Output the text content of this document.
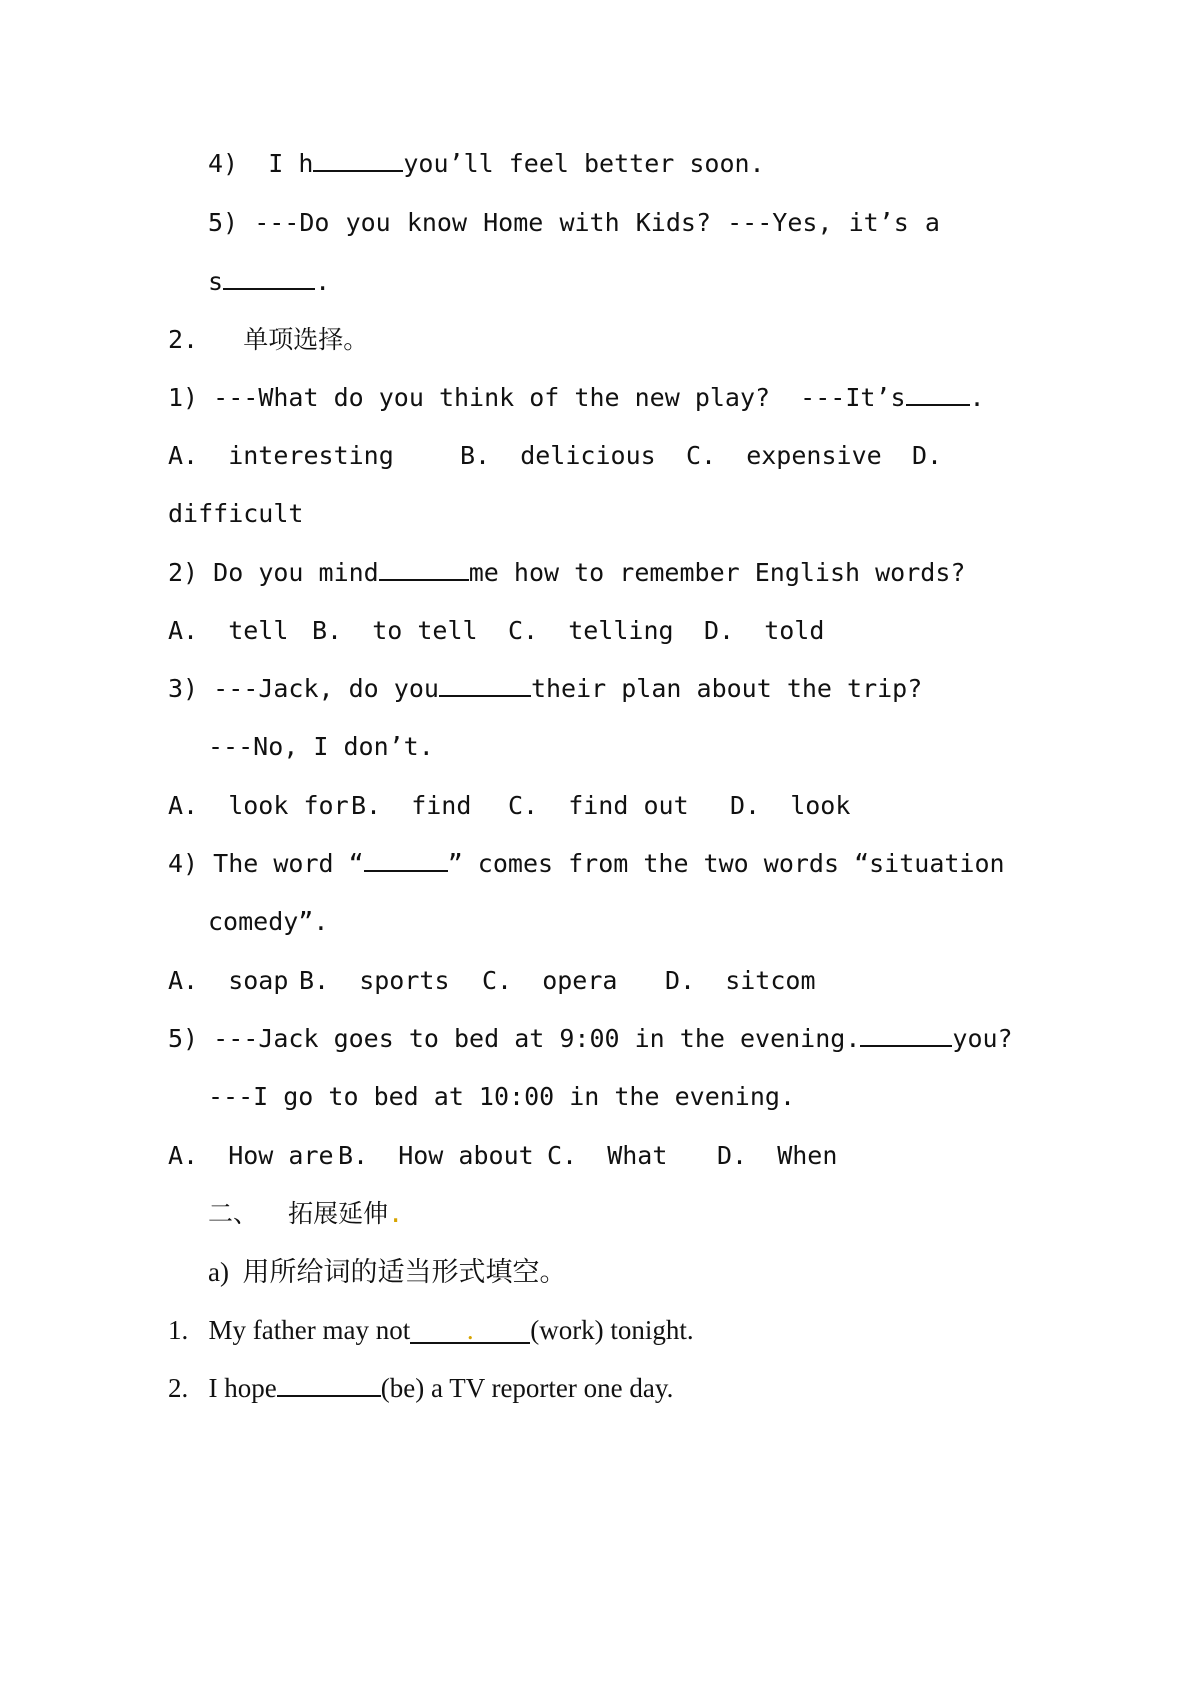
4) I h	you’ll feel better soon.
5) ---Do you know Home with Kids? ---Yes, it’s a
s	.
2. 单项选择。
1) ---What do you think of the new play?  ---It’s	.
A.  interesting	B.  delicious C.  expensive D.
difficult
2) Do you mind	me how to remember English words?
A.  tell B.  to tell C.  telling D.  told
3) ---Jack, do you	their plan about the trip?
---No, I don’t.
A.  look for B.  find C.  find out D.  look
4) The word “	” comes from the two words “situation
comedy”.
A.  soap B.  sports C.  opera D.  sitcom
5) ---Jack goes to bed at 9:00 in the evening.	you?
---I go to bed at 10:00 in the evening.
A.  How are B.  How about C.  What D.  When
二、  拓展延伸.
a)  用所给词的适当形式填空。
1. My father may not . (work) tonight.
2. I hope	(be) a TV reporter one day.
